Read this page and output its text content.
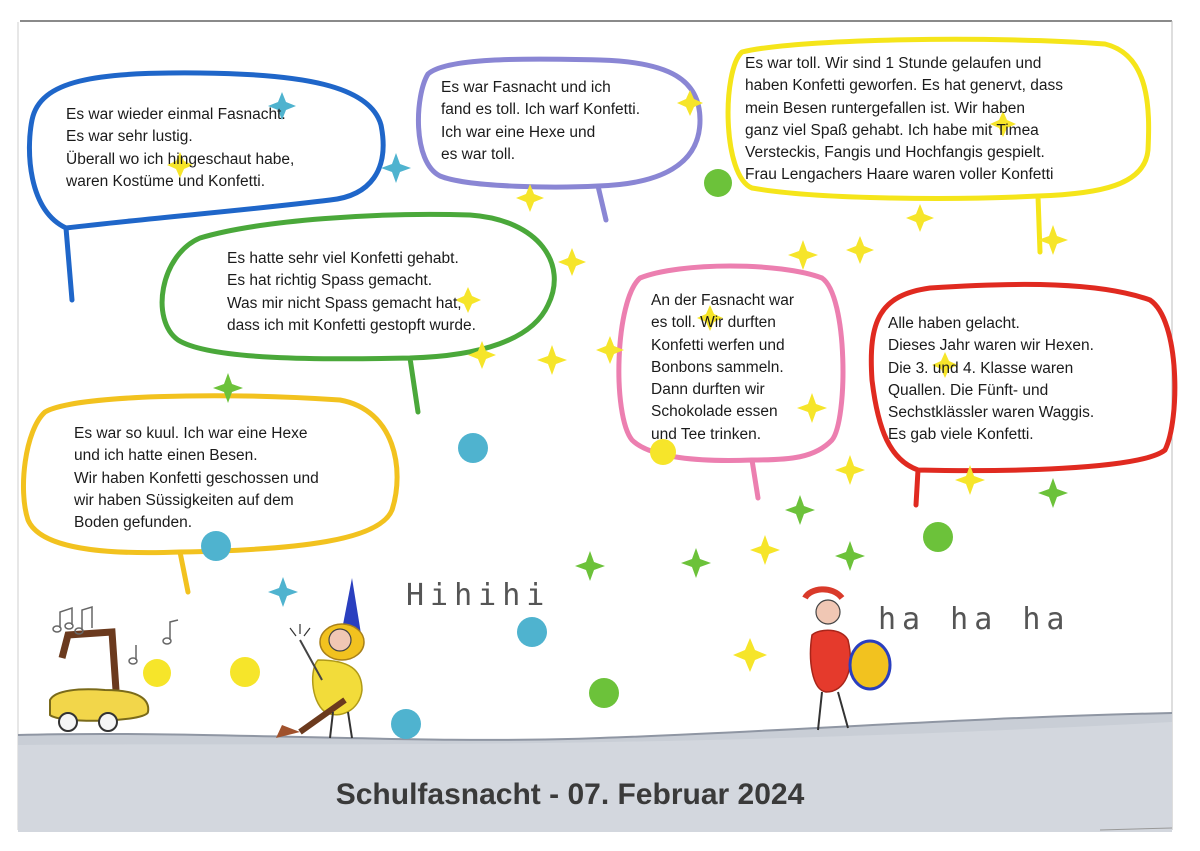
Es war wieder einmal Fasnacht.
Es war sehr lustig.
Überall wo ich hingeschaut habe,
waren Kostüme und Konfetti.
Es war Fasnacht und ich
fand es toll. Ich warf Konfetti.
Ich war eine Hexe und
es war toll.
Es war toll. Wir sind 1 Stunde gelaufen und
haben Konfetti geworfen. Es hat genervt, dass
mein Besen runtergefallen ist. Wir haben
ganz viel Spaß gehabt. Ich habe mit Timea
Versteckis, Fangis und Hochfangis gespielt.
Frau Lengachers Haare waren voller Konfetti
Es hatte sehr viel Konfetti gehabt.
Es hat richtig Spass gemacht.
Was mir nicht Spass gemacht hat,
dass ich mit Konfetti gestopft wurde.
An der Fasnacht war
es toll. Wir durften
Konfetti werfen und
Bonbons sammeln.
Dann durften wir
Schokolade essen
und Tee trinken.
Alle haben gelacht.
Dieses Jahr waren wir Hexen.
Die 3. und 4. Klasse waren
Quallen. Die Fünft- und
Sechstklässler waren Waggis.
Es gab viele Konfetti.
Es war so kuul. Ich war eine Hexe
und ich hatte einen Besen.
Wir haben Konfetti geschossen und
wir haben Süssigkeiten auf dem
Boden gefunden.
Hihihi
ha ha ha
Schulfasnacht - 07. Februar 2024
